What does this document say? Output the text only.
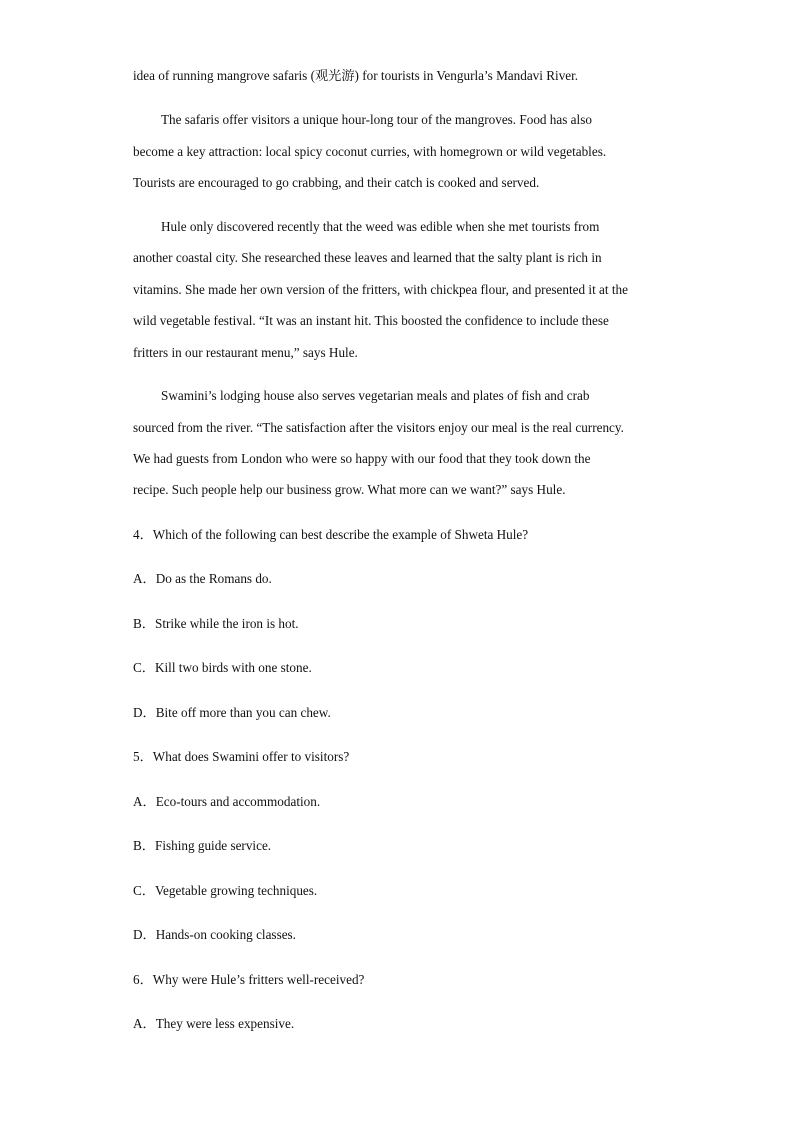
idea of running mangrove safaris (观光游) for tourists in Vengurla’s Mandavi River.
The safaris offer visitors a unique hour-long tour of the mangroves. Food has also
become a key attraction: local spicy coconut curries, with homegrown or wild vegetables.
Tourists are encouraged to go crabbing, and their catch is cooked and served.
Hule only discovered recently that the weed was edible when she met tourists from
another coastal city. She researched these leaves and learned that the salty plant is rich in
vitamins. She made her own version of the fritters, with chickpea flour, and presented it at the
wild vegetable festival. “It was an instant hit. This boosted the confidence to include these
fritters in our restaurant menu,” says Hule.
Swamini’s lodging house also serves vegetarian meals and plates of fish and crab
sourced from the river. “The satisfaction after the visitors enjoy our meal is the real currency.
We had guests from London who were so happy with our food that they took down the
recipe. Such people help our business grow. What more can we want?” says Hule.
4．Which of the following can best describe the example of Shweta Hule?
A．Do as the Romans do.
B．Strike while the iron is hot.
C．Kill two birds with one stone.
D．Bite off more than you can chew.
5．What does Swamini offer to visitors?
A．Eco-tours and accommodation.
B．Fishing guide service.
C．Vegetable growing techniques.
D．Hands-on cooking classes.
6．Why were Hule’s fritters well-received?
A．They were less expensive.
